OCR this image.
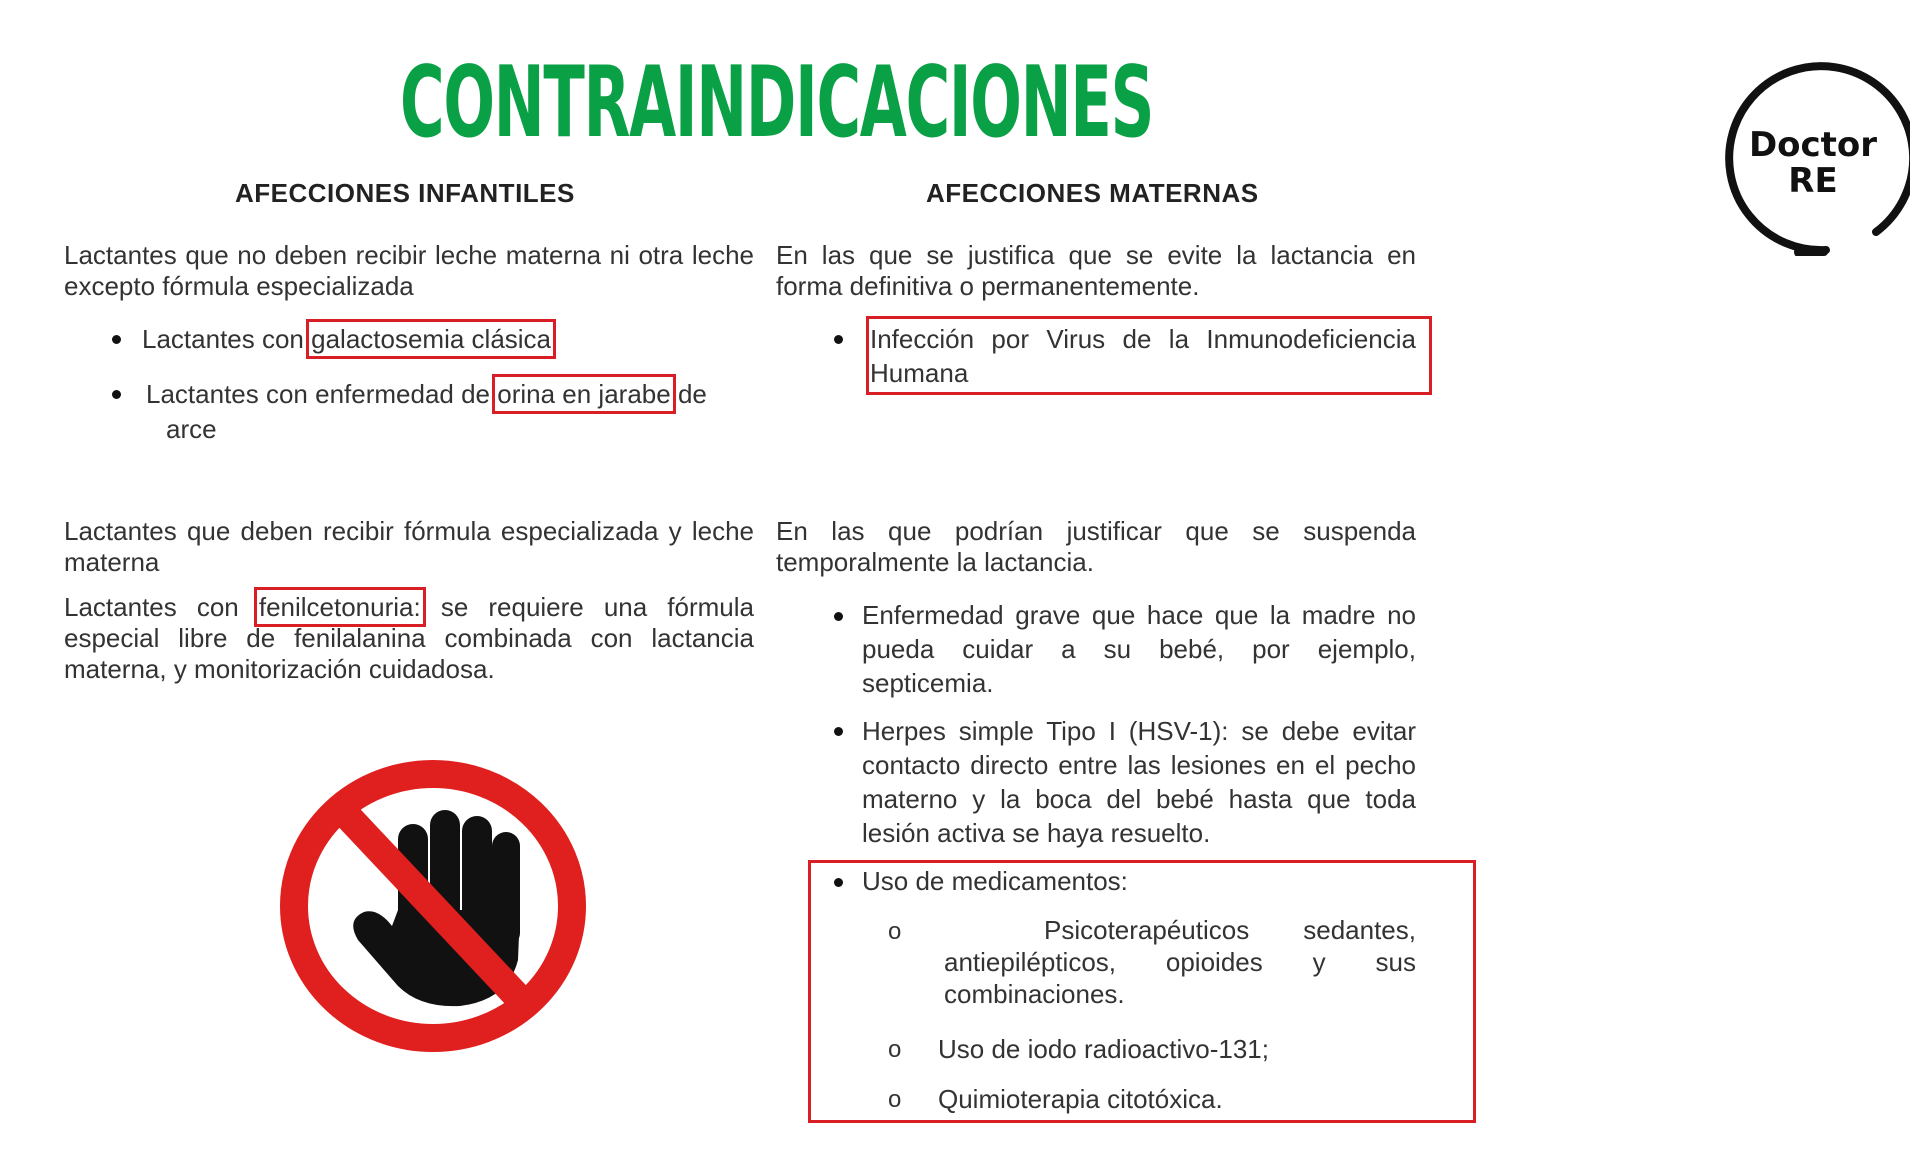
CONTRAINDICACIONES	Doctor
RE
AFECCIONES INFANTILES
Lactantes que no deben recibir leche materna ni otra leche excepto fórmula especializada
Lactantes con galactosemia clásica
Lactantes con enfermedad de orina en jarabe de
arce
Lactantes que deben recibir fórmula especializada y leche materna
Lactantes con fenilcetonuria: se requiere una fórmula especial libre de fenilalanina combinada con lactancia materna, y monitorización cuidadosa.
AFECCIONES MATERNAS
En las que se justifica que se evite la lactancia en forma definitiva o permanentemente.
Infección por Virus de la Inmunodeficiencia Humana
En las que podrían justificar que se suspenda temporalmente la lactancia.
Enfermedad grave que hace que la madre no pueda cuidar a su bebé, por ejemplo, septicemia.
Herpes simple Tipo I (HSV-1): se debe evitar contacto directo entre las lesiones en el pecho materno y la boca del bebé hasta que toda lesión activa se haya resuelto.
Uso de medicamentos:
o	Psicoterapéuticos sedantes, antiepilépticos, opioides y sus combinaciones.
o Uso de iodo radioactivo-131;
o Quimioterapia citotóxica.
